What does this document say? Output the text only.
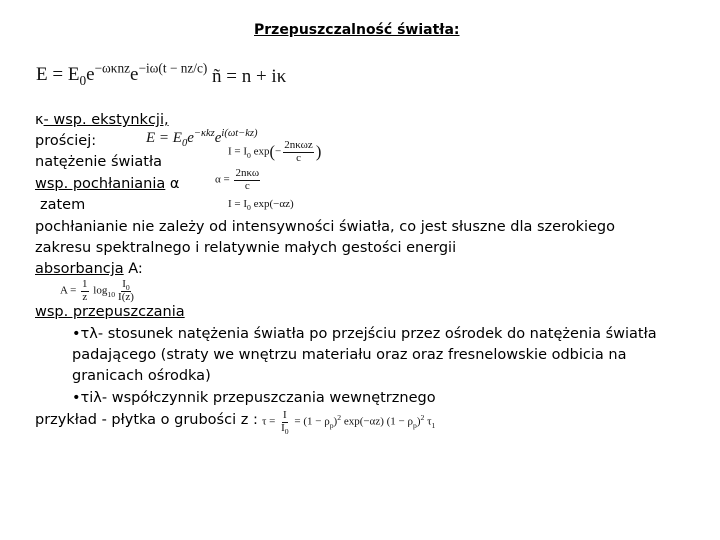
Przepuszczalność światła:
$E = E_0e^{-\omega\kappa nz}e^{-i\omega(t - nz/c)}$ ñ = n + iκ
κ- wsp. ekstynkcji,
prościej:	$E = E_0e^{-\kappa kz}e^{i(\omega t-kz)}$
natężenie światła
$I = I_0$ $\exp(- \frac{\text{2nκωz}}{c}$ )
wsp. pochłaniania α	$\alpha = \frac{\text{2nκω}}{c}$
zatem	$I = I_0$ exp(−αz)
pochłanianie nie zależy od intensywności światła, co jest słuszne dla szerokiego
zakresu spektralnego i relatywnie małych gestości energii
absorbancja A:
$A = \frac{1}{z} \log_{10} \frac{I_0}{I(z)}$
wsp. przepuszczania
•τλ- stosunek natężenia światła po przejściu przez ośrodek do natężenia światła
padającego (straty we wnętrzu materiału oraz oraz fresnelowskie odbicia na
granicach ośrodka)
•τiλ- współczynnik przepuszczania wewnętrznego
przykład - płytka o grubości z : $\tau = \frac{I}{I_0} = (1 - \rho_p)^2$ exp(−αz) $(1 - \rho_p)^2$ $\tau_1$
